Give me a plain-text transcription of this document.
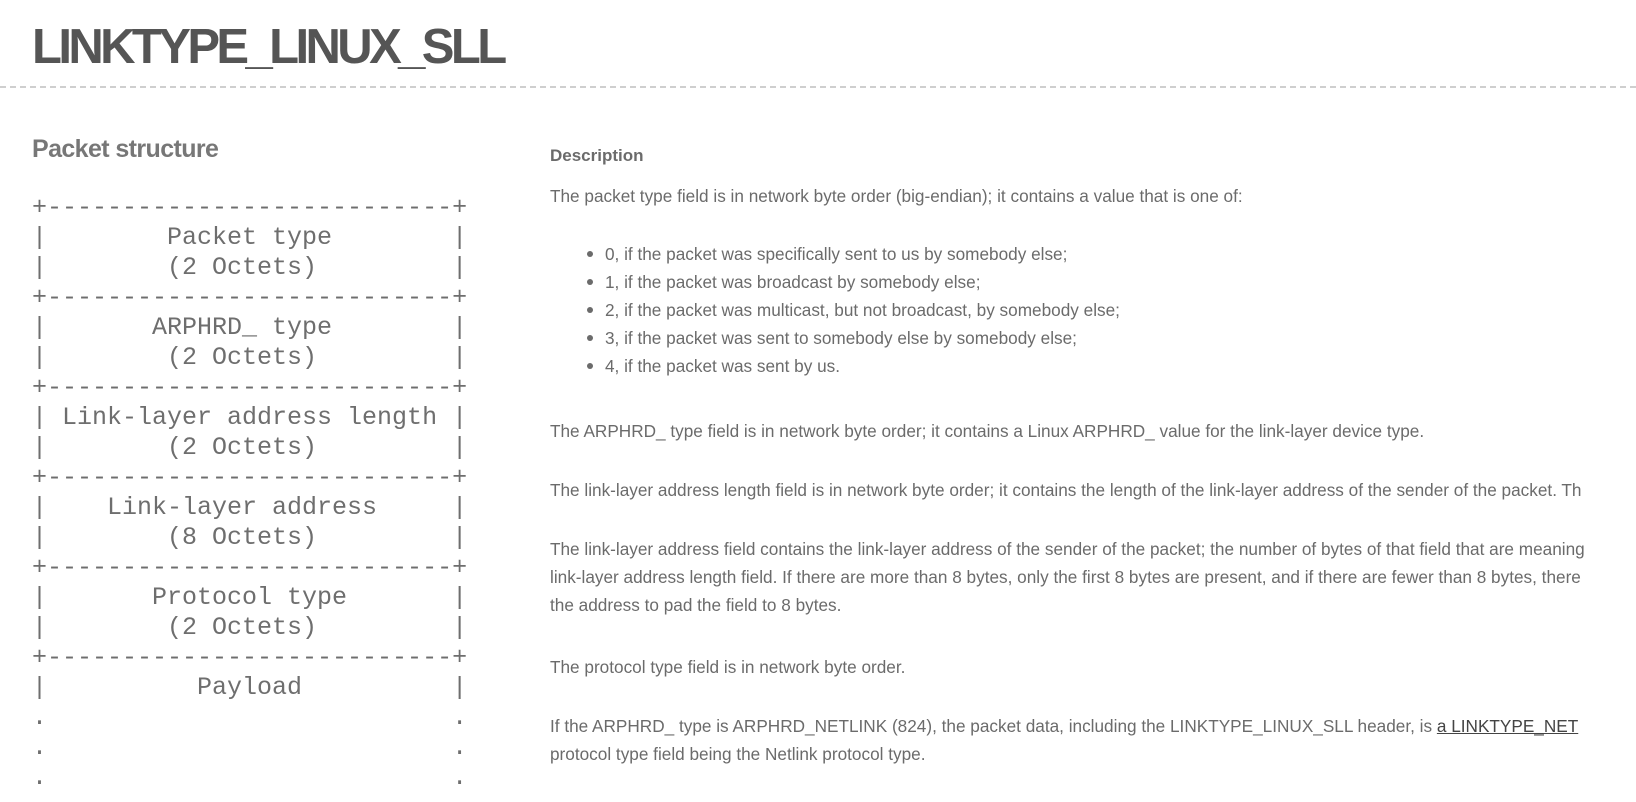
LINKTYPE_LINUX_SLL
Packet structure
+---------------------------+
|        Packet type        |
|        (2 Octets)         |
+---------------------------+
|       ARPHRD_ type        |
|        (2 Octets)         |
+---------------------------+
| Link-layer address length |
|        (2 Octets)         |
+---------------------------+
|    Link-layer address     |
|        (8 Octets)         |
+---------------------------+
|       Protocol type       |
|        (2 Octets)         |
+---------------------------+
|          Payload          |
.                           .
.                           .
.                           .
Description

The packet type field is in network byte order (big-endian); it contains a value that is one of:

0, if the packet was specifically sent to us by somebody else;
1, if the packet was broadcast by somebody else;
2, if the packet was multicast, but not broadcast, by somebody else;
3, if the packet was sent to somebody else by somebody else;
4, if the packet was sent by us.

The ARPHRD_ type field is in network byte order; it contains a Linux ARPHRD_ value for the link-layer device type.

The link-layer address length field is in network byte order; it contains the length of the link-layer address of the sender of the packet. Th

The link-layer address field contains the link-layer address of the sender of the packet; the number of bytes of that field that are meaning
link-layer address length field. If there are more than 8 bytes, only the first 8 bytes are present, and if there are fewer than 8 bytes, there
the address to pad the field to 8 bytes.

The protocol type field is in network byte order.

If the ARPHRD_ type is ARPHRD_NETLINK (824), the packet data, including the LINKTYPE_LINUX_SLL header, is a LINKTYPE_NET
protocol type field being the Netlink protocol type.
